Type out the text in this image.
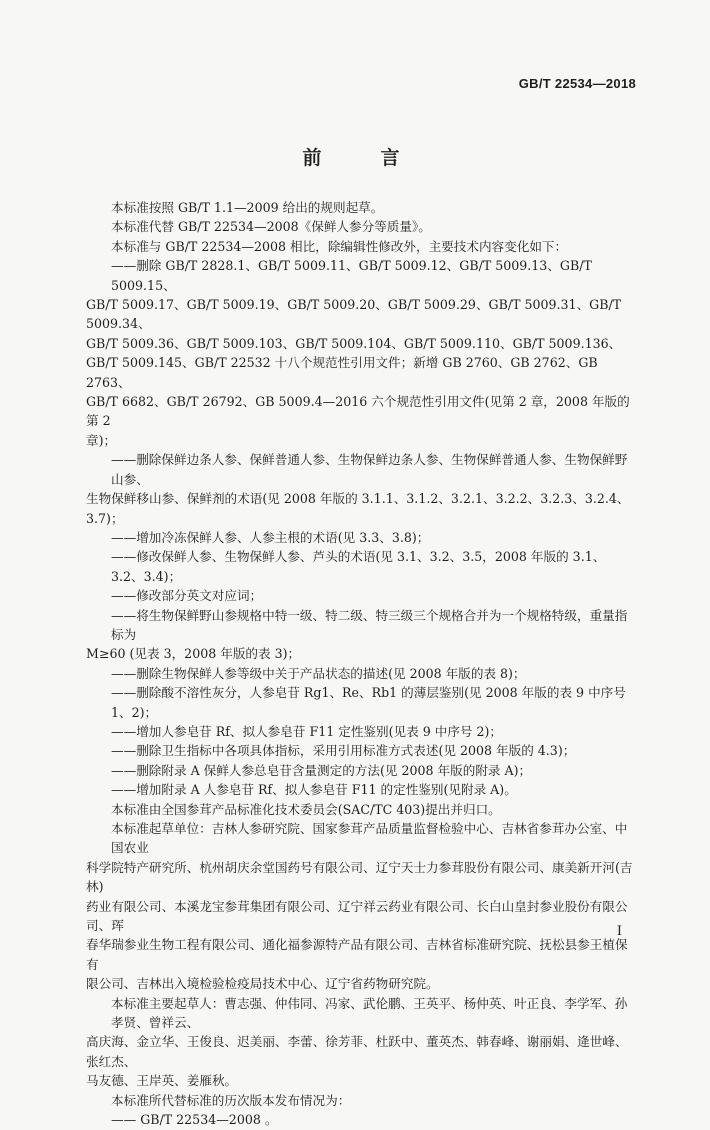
GB/T 22534—2018
前　言
本标准按照 GB/T 1.1—2009 给出的规则起草。
本标准代替 GB/T 22534—2008《保鲜人参分等质量》。
本标准与 GB/T 22534—2008 相比，除编辑性修改外，主要技术内容变化如下：
——删除 GB/T 2828.1、GB/T 5009.11、GB/T 5009.12、GB/T 5009.13、GB/T 5009.15、
GB/T 5009.17、GB/T 5009.19、GB/T 5009.20、GB/T 5009.29、GB/T 5009.31、GB/T 5009.34、
GB/T 5009.36、GB/T 5009.103、GB/T 5009.104、GB/T 5009.110、GB/T 5009.136、
GB/T 5009.145、GB/T 22532 十八个规范性引用文件；新增 GB 2760、GB 2762、GB 2763、
GB/T 6682、GB/T 26792、GB 5009.4—2016 六个规范性引用文件(见第 2 章，2008 年版的第 2
章)；
——删除保鲜边条人参、保鲜普通人参、生物保鲜边条人参、生物保鲜普通人参、生物保鲜野山参、
生物保鲜移山参、保鲜剂的术语(见 2008 年版的 3.1.1、3.1.2、3.2.1、3.2.2、3.2.3、3.2.4、3.7)；
——增加冷冻保鲜人参、人参主根的术语(见 3.3、3.8)；
——修改保鲜人参、生物保鲜人参、芦头的术语(见 3.1、3.2、3.5，2008 年版的 3.1、3.2、3.4)；
——修改部分英文对应词；
——将生物保鲜野山参规格中特一级、特二级、特三级三个规格合并为一个规格特级，重量指标为
M≥60 (见表 3，2008 年版的表 3)；
——删除生物保鲜人参等级中关于产品状态的描述(见 2008 年版的表 8)；
——删除酸不溶性灰分，人参皂苷 Rg1、Re、Rb1 的薄层鉴别(见 2008 年版的表 9 中序号 1、2)；
——增加人参皂苷 Rf、拟人参皂苷 F11 定性鉴别(见表 9 中序号 2)；
——删除卫生指标中各项具体指标，采用引用标准方式表述(见 2008 年版的 4.3)；
——删除附录 A 保鲜人参总皂苷含量测定的方法(见 2008 年版的附录 A)；
——增加附录 A 人参皂苷 Rf、拟人参皂苷 F11 的定性鉴别(见附录 A)。
本标准由全国参茸产品标准化技术委员会(SAC/TC 403)提出并归口。
本标准起草单位：吉林人参研究院、国家参茸产品质量监督检验中心、吉林省参茸办公室、中国农业
科学院特产研究所、杭州胡庆余堂国药号有限公司、辽宁天士力参茸股份有限公司、康美新开河(吉林)
药业有限公司、本溪龙宝参茸集团有限公司、辽宁祥云药业有限公司、长白山皇封参业股份有限公司、珲
春华瑞参业生物工程有限公司、通化福参源特产品有限公司、吉林省标准研究院、抚松县参王植保有
限公司、吉林出入境检验检疫局技术中心、辽宁省药物研究院。
本标准主要起草人：曹志强、仲伟同、冯家、武伦鹏、王英平、杨仲英、叶正良、李学军、孙孝贤、曾祥云、
高庆海、金立华、王俊良、迟美丽、李蕾、徐芳菲、杜跃中、董英杰、韩春峰、谢丽娟、逄世峰、张红杰、
马友德、王岸英、姜雁秋。
本标准所代替标准的历次版本发布情况为：
—— GB/T 22534—2008 。
I
